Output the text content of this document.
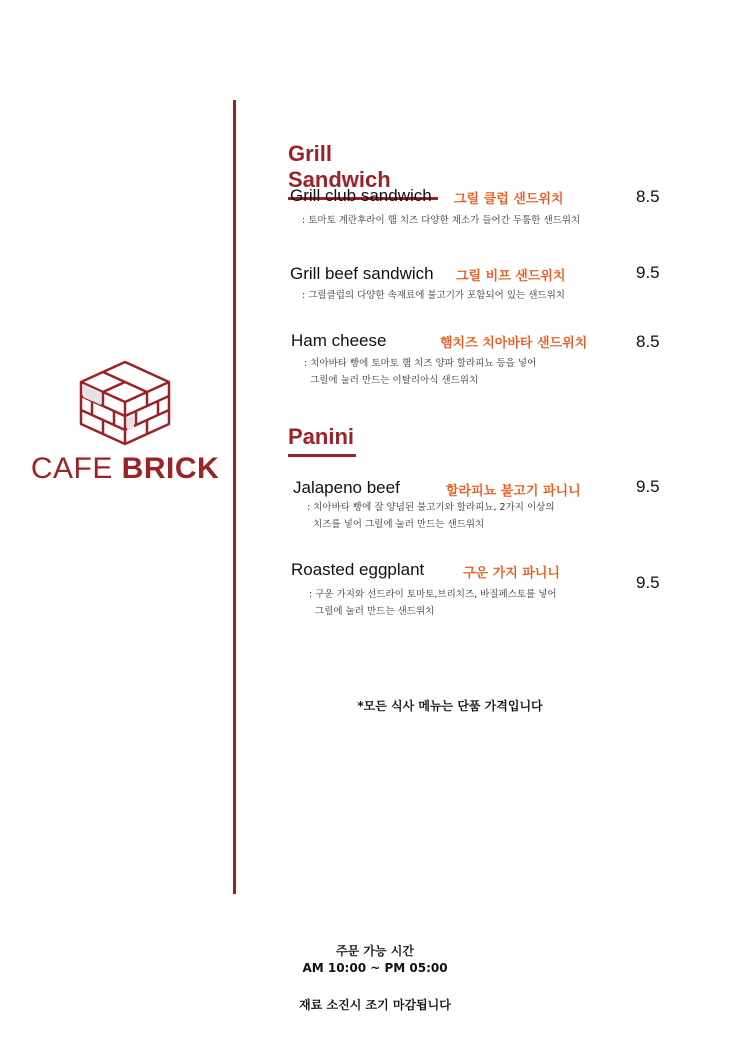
CAFE BRICK
Grill Sandwich
Grill club sandwich 그릴 클럽 샌드위치	8.5
: 토마토 계란후라이 햄 치즈 다양한 채소가 들어간 두툼한 샌드위치
Grill beef sandwich 그릴 비프 샌드위치	9.5
: 그릴클럽의 다양한 속재료에 불고기가 포함되어 있는 샌드위치
Ham cheese	햄치즈 치아바타 샌드위치	8.5
: 치아바타 빵에 토마토 햄 치즈 양파 할라피뇨 등을 넣어
그릴에 눌러 만드는 이탈리아식 샌드위치
Panini
Jalapeno beef	할라피뇨 불고기 파니니	9.5
: 치아바타 빵에 잘 양념된 불고기와 할라피뇨, 2가지 이상의
치즈를 넣어 그릴에 눌러 만드는 샌드위치
Roasted eggplant	구운 가지 파니니	9.5
: 구운 가지와 선드라이 토마토,브리치즈, 바질페스토를 넣어
그릴에 눌러 만드는 샌드위치
*모든 식사 메뉴는 단품 가격입니다
주문 가능 시간
AM 10:00 ~ PM 05:00
재료 소진시 조기 마감됩니다
